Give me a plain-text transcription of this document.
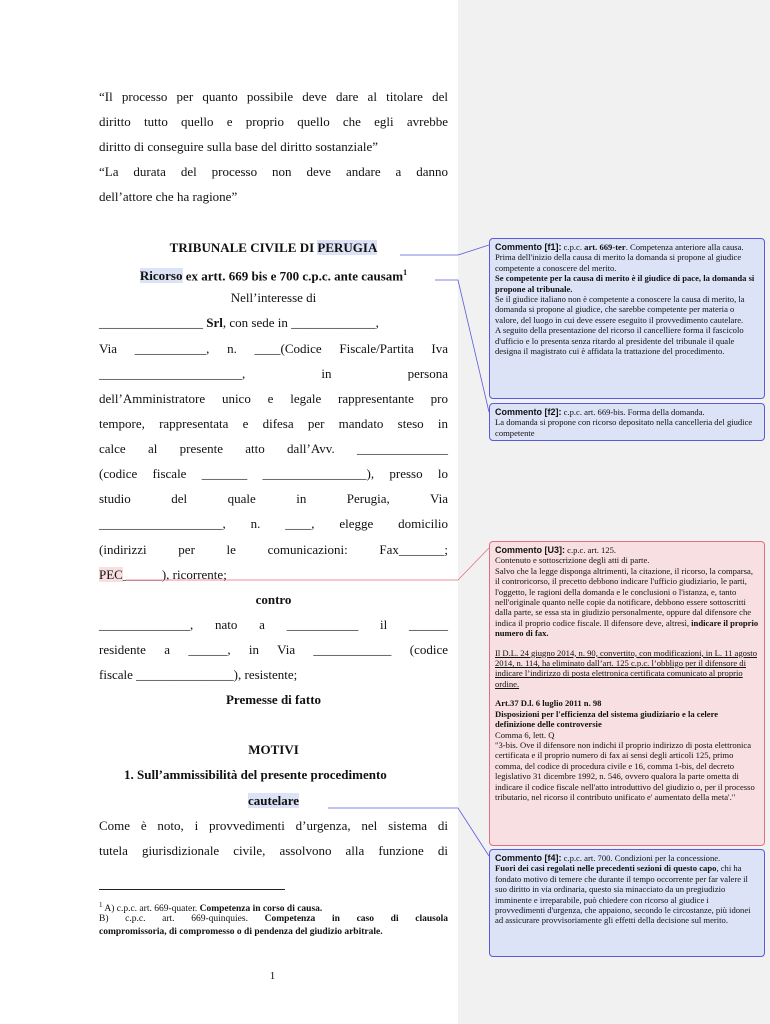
“Il processo per quanto possibile deve dare al titolare del
diritto tutto quello e proprio quello che egli avrebbe
diritto di conseguire sulla base del diritto sostanziale”
“La durata del processo non deve andare a danno
dell’attore che ha ragione”
TRIBUNALE CIVILE DI PERUGIA
Ricorso ex artt. 669 bis e 700 c.p.c. ante causam$^1$
Nell’interesse di
________________ Srl, con sede in _____________,
Via ___________, n. ____(Codice Fiscale/Partita Iva
______________________, in persona
dell’Amministratore unico e legale rappresentante pro
tempore, rappresentata e difesa per mandato steso in
calce al presente atto dall’Avv. ______________
(codice fiscale _______ ________________), presso lo
studio del quale in Perugia, Via
___________________, n. ____, elegge domicilio
(indirizzi per le comunicazioni: Fax_______;
PEC______), ricorrente;
contro
______________, nato a ___________ il ______
residente a ______, in Via ____________ (codice
fiscale _______________), resistente;
Premesse di fatto
MOTIVI
1. Sull’ammissibilità del presente procedimento
cautelare
Come è noto, i provvedimenti d’urgenza, nel sistema di
tutela giurisdizionale civile, assolvono alla funzione di
$^1$ A) c.p.c. art. 669-quater. Competenza in corso di causa.
B) c.p.c. art. 669-quinquies. Competenza in caso di clausola
compromissoria, di compromesso o di pendenza del giudizio arbitrale.
1
Commento [f1]: c.p.c. art. 669-ter. Competenza anteriore alla causa.
Prima dell'inizio della causa di merito la domanda si propone al giudice competente a conoscere del merito.
Se competente per la causa di merito è il giudice di pace, la domanda si propone al tribunale.
Se il giudice italiano non è competente a conoscere la causa di merito, la domanda si propone al giudice, che sarebbe competente per materia o valore, del luogo in cui deve essere eseguito il provvedimento cautelare.
A seguito della presentazione del ricorso il cancelliere forma il fascicolo d'ufficio e lo presenta senza ritardo al presidente del tribunale il quale designa il magistrato cui è affidata la trattazione del procedimento.
Commento [f2]: c.p.c. art. 669-bis. Forma della domanda.
La domanda si propone con ricorso depositato nella cancelleria del giudice competente
Commento [U3]: c.p.c. art. 125.
Contenuto e sottoscrizione degli atti di parte.
Salvo che la legge disponga altrimenti, la citazione, il ricorso, la comparsa, il controricorso, il precetto debbono indicare l'ufficio giudiziario, le parti, l'oggetto, le ragioni della domanda e le conclusioni o l'istanza, e, tanto nell'originale quanto nelle copie da notificare, debbono essere sottoscritti dalla parte, se essa sta in giudizio personalmente, oppure dal difensore che indica il proprio codice fiscale. Il difensore deve, altresì, indicare il proprio numero di fax.
Il D.L. 24 giugno 2014, n. 90, convertito, con modificazioni, in L. 11 agosto 2014, n. 114, ha eliminato dall’art. 125 c.p.c. l’obbligo per il difensore di indicare l’indirizzo di posta elettronica certificata comunicato al proprio ordine.
Art.37 D.l. 6 luglio 2011 n. 98
Disposizioni per l'efficienza del sistema giudiziario e la celere definizione delle controversie
Comma 6, lett. Q
"3-bis. Ove il difensore non indichi il proprio indirizzo di posta elettronica certificata e il proprio numero di fax ai sensi degli articoli 125, primo comma, del codice di procedura civile e 16, comma 1-bis, del decreto legislativo 31 dicembre 1992, n. 546, ovvero qualora la parte ometta di indicare il codice fiscale nell'atto introduttivo del giudizio o, per il processo tributario, nel ricorso il contributo unificato e' aumentato della meta'."
Commento [f4]: c.p.c. art. 700. Condizioni per la concessione.
Fuori dei casi regolati nelle precedenti sezioni di questo capo, chi ha fondato motivo di temere che durante il tempo occorrente per far valere il suo diritto in via ordinaria, questo sia minacciato da un pregiudizio imminente e irreparabile, può chiedere con ricorso al giudice i provvedimenti d'urgenza, che appaiono, secondo le circostanze, più idonei ad assicurare provvisoriamente gli effetti della decisione sul merito.
